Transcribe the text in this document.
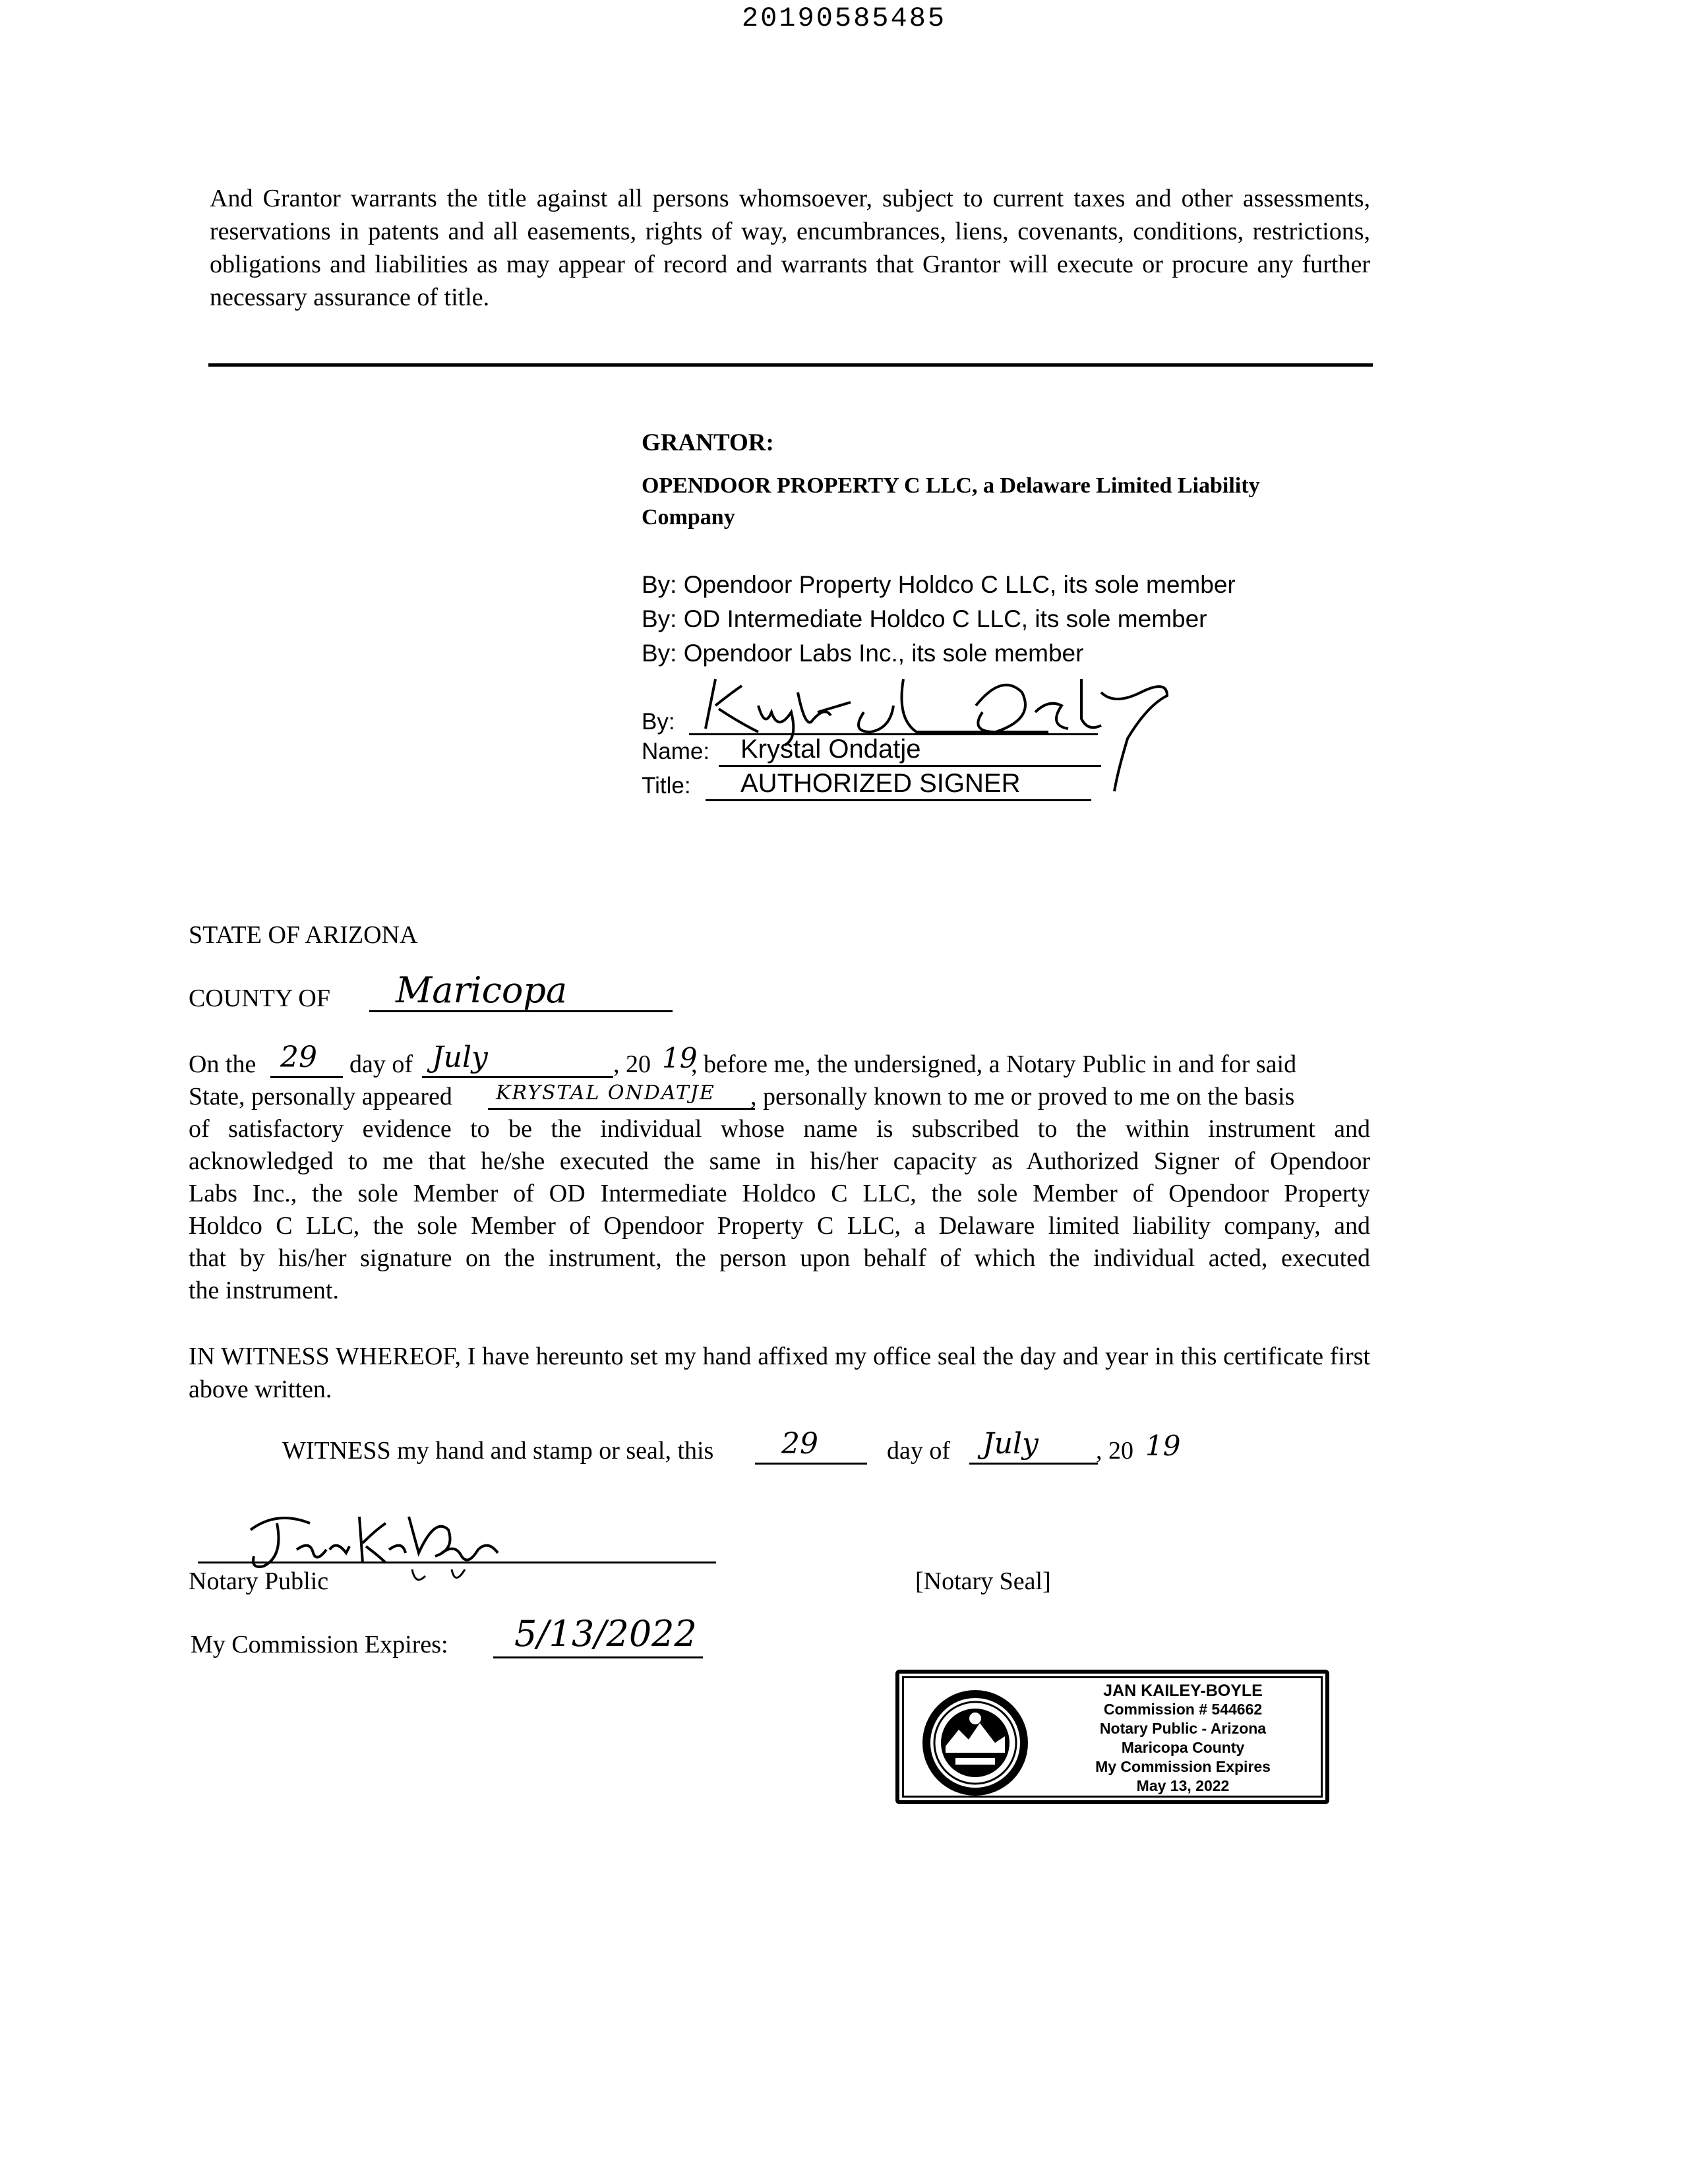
20190585485

And Grantor warrants the title against all persons whomsoever, subject to current taxes and other assessments, reservations in patents and all easements, rights of way, encumbrances, liens, covenants, conditions, restrictions, obligations and liabilities as may appear of record and warrants that Grantor will execute or procure any further necessary assurance of title.

GRANTOR:
OPENDOOR PROPERTY C LLC, a Delaware Limited Liability
Company
By: Opendoor Property Holdco C LLC, its sole member
By: OD Intermediate Holdco C LLC, its sole member
By: Opendoor Labs Inc., its sole member
By:
Name: Krystal Ondatje
Title: AUTHORIZED SIGNER
STATE OF ARIZONA
COUNTY OF Maricopa
On the 29 day of July	, 20 19
, before me, the undersigned, a Notary Public in and for said
State, personally appeared KRYSTAL ONDATJE , personally known to me or proved to me on the basis
of satisfactory evidence to be the individual whose name is subscribed to the within instrument and
acknowledged to me that he/she executed the same in his/her capacity as Authorized Signer of Opendoor
Labs Inc., the sole Member of OD Intermediate Holdco C LLC, the sole Member of Opendoor Property
Holdco C LLC, the sole Member of Opendoor Property C LLC, a Delaware limited liability company, and
that by his/her signature on the instrument, the person upon behalf of which the individual acted, executed
the instrument.

IN WITNESS WHEREOF, I have hereunto set my hand affixed my office seal the day and year in this certificate first above written.

WITNESS my hand and stamp or seal, this 29	day of July , 20 19
Notary Public	[Notary Seal]
My Commission Expires: 5/13/2022
JAN KAILEY-BOYLE
Commission # 544662
Notary Public - Arizona
Maricopa County
My Commission Expires
May 13, 2022
